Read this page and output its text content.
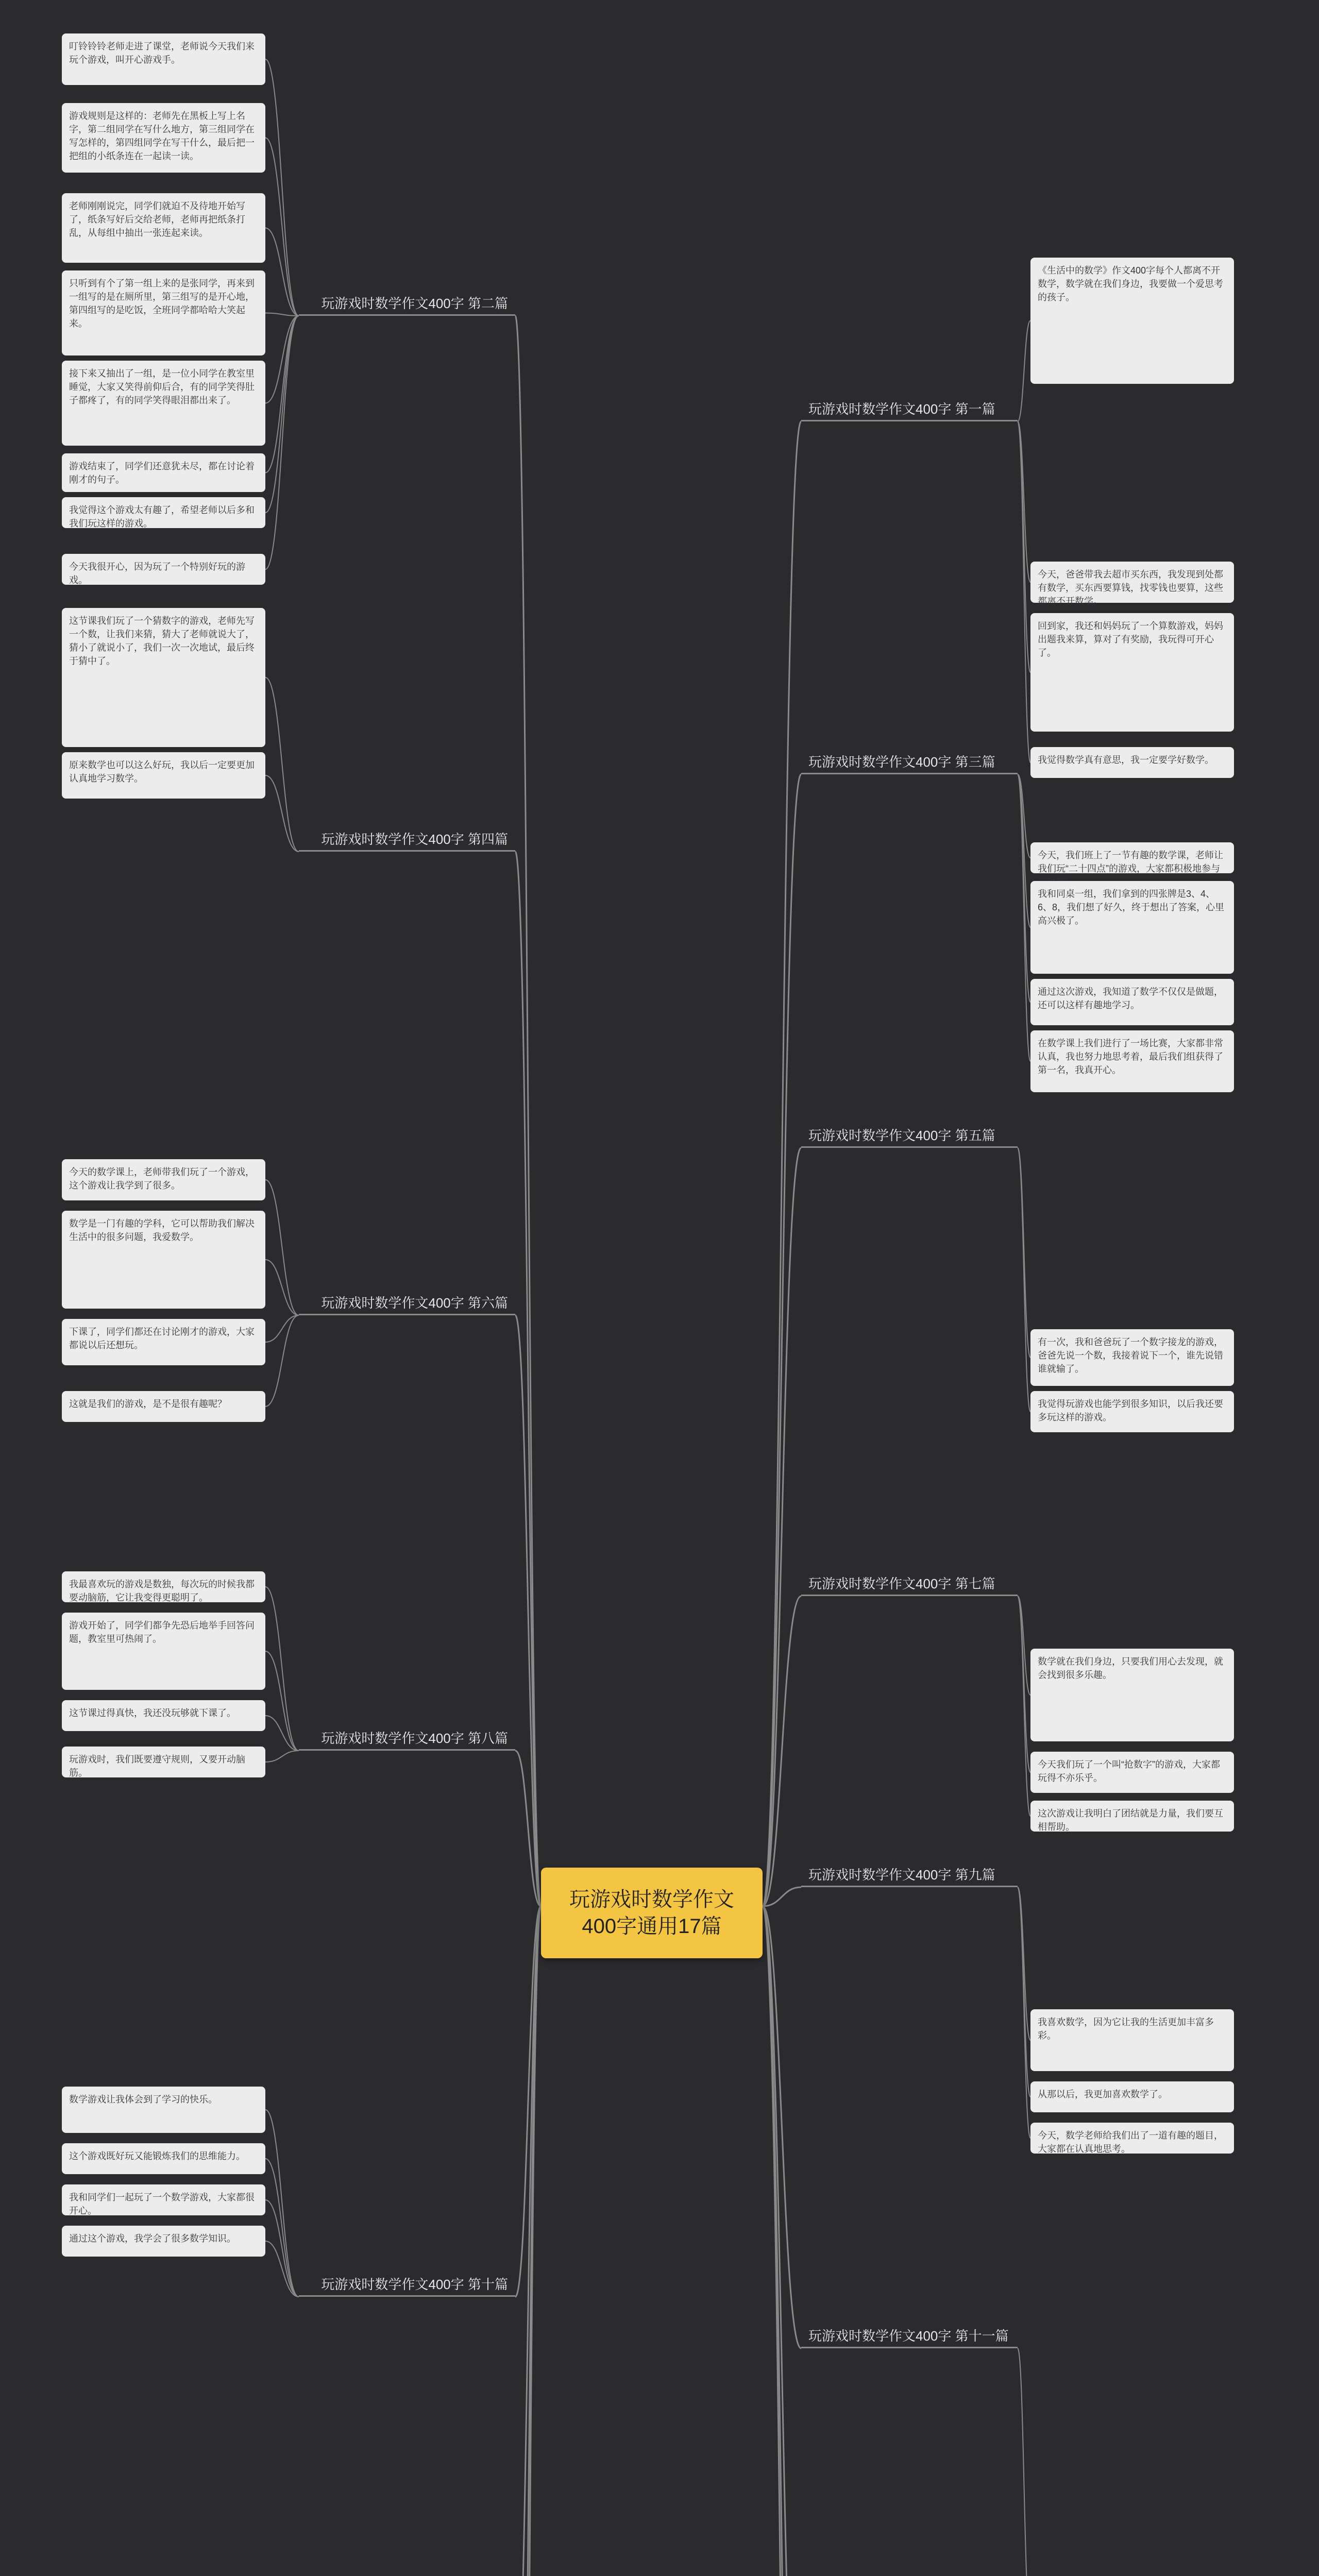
玩游戏时数学作文400字通用17篇
玩游戏时数学作文400字 第一篇
玩游戏时数学作文400字 第二篇
玩游戏时数学作文400字 第三篇
玩游戏时数学作文400字 第四篇
玩游戏时数学作文400字 第五篇
玩游戏时数学作文400字 第六篇
玩游戏时数学作文400字 第七篇
玩游戏时数学作文400字 第八篇
玩游戏时数学作文400字 第九篇
玩游戏时数学作文400字 第十篇
玩游戏时数学作文400字 第十一篇
叮铃铃铃老师走进了课堂，老师说今天我们来玩个游戏，叫开心游戏手。
游戏规则是这样的：老师先在黑板上写上名字，第二组同学在写什么地方，第三组同学在写怎样的，第四组同学在写干什么，最后把一把组的小纸条连在一起读一读。
老师刚刚说完，同学们就迫不及待地开始写了，纸条写好后交给老师，老师再把纸条打乱，从每组中抽出一张连起来读。
只听到有个了第一组上来的是张同学，再来到一组写的是在厕所里，第三组写的是开心地，第四组写的是吃饭，全班同学都哈哈大笑起来。
接下来又抽出了一组，是一位小同学在教室里睡觉，大家又笑得前仰后合，有的同学笑得肚子都疼了，有的同学笑得眼泪都出来了。
游戏结束了，同学们还意犹未尽，都在讨论着刚才的句子。
我觉得这个游戏太有趣了，希望老师以后多和我们玩这样的游戏。
今天我很开心，因为玩了一个特别好玩的游戏。
这节课我们玩了一个猜数字的游戏，老师先写一个数，让我们来猜，猜大了老师就说大了，猜小了就说小了，我们一次一次地试，最后终于猜中了。
原来数学也可以这么好玩，我以后一定要更加认真地学习数学。
《生活中的数学》作文400字每个人都离不开数学，数学就在我们身边，我要做一个爱思考的孩子。
今天，爸爸带我去超市买东西，我发现到处都有数学，买东西要算钱，找零钱也要算，这些都离不开数学。
回到家，我还和妈妈玩了一个算数游戏，妈妈出题我来算，算对了有奖励，我玩得可开心了。
我觉得数学真有意思，我一定要学好数学。
今天，我们班上了一节有趣的数学课，老师让我们玩“二十四点”的游戏，大家都积极地参与
我和同桌一组，我们拿到的四张牌是3、4、6、8，我们想了好久，终于想出了答案，心里高兴极了。
通过这次游戏，我知道了数学不仅仅是做题，还可以这样有趣地学习。
在数学课上我们进行了一场比赛，大家都非常认真，我也努力地思考着，最后我们组获得了第一名，我真开心。
有一次，我和爸爸玩了一个数字接龙的游戏，爸爸先说一个数，我接着说下一个，谁先说错谁就输了。
我觉得玩游戏也能学到很多知识，以后我还要多玩这样的游戏。
今天的数学课上，老师带我们玩了一个游戏，这个游戏让我学到了很多。
数学是一门有趣的学科，它可以帮助我们解决生活中的很多问题，我爱数学。
下课了，同学们都还在讨论刚才的游戏，大家都说以后还想玩。
这就是我们的游戏，是不是很有趣呢？
数学就在我们身边，只要我们用心去发现，就会找到很多乐趣。
今天我们玩了一个叫“抢数字”的游戏，大家都玩得不亦乐乎。
这次游戏让我明白了团结就是力量，我们要互相帮助。
我最喜欢玩的游戏是数独，每次玩的时候我都要动脑筋，它让我变得更聪明了。
游戏开始了，同学们都争先恐后地举手回答问题，教室里可热闹了。
这节课过得真快，我还没玩够就下课了。
玩游戏时，我们既要遵守规则，又要开动脑筋。
我喜欢数学，因为它让我的生活更加丰富多彩。
从那以后，我更加喜欢数学了。
今天，数学老师给我们出了一道有趣的题目，大家都在认真地思考。
数学游戏让我体会到了学习的快乐。
这个游戏既好玩又能锻炼我们的思维能力。
我和同学们一起玩了一个数学游戏，大家都很开心。
通过这个游戏，我学会了很多数学知识。
